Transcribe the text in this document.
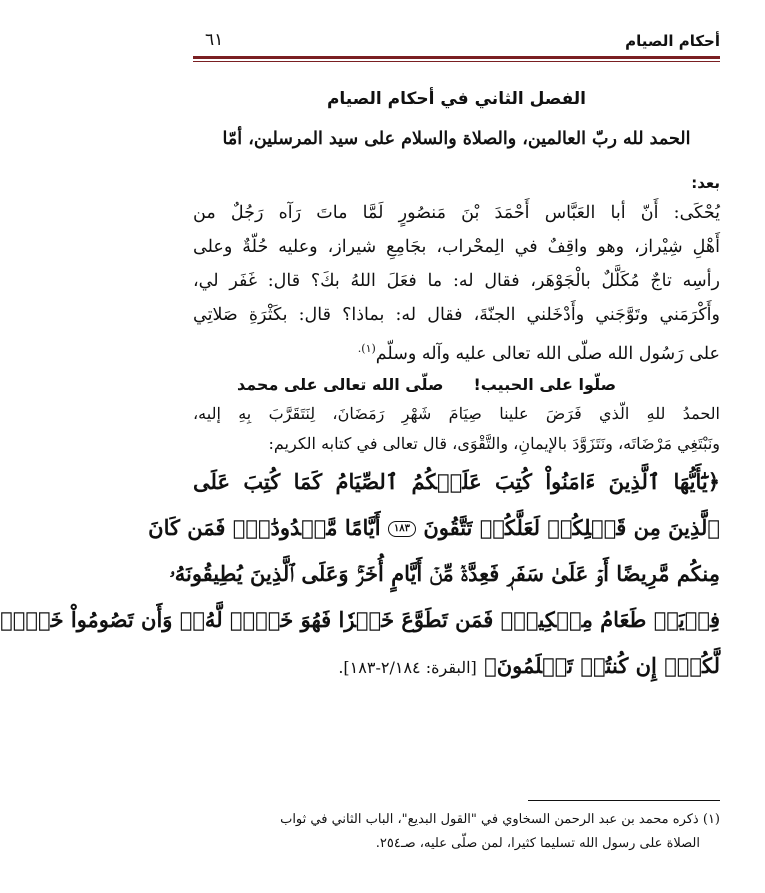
أحكام الصيام
٦١
الفصل الثاني في أحكام الصيام
الحمد لله ربّ العالمين، والصلاة والسلام على سيد المرسلين، أمّا
بعد:
يُحْكَى: أَنّ أبا العَبَّاس أَحْمَدَ بْنَ مَنصُورٍ لَمَّا ماتَ رَآه رَجُلٌ من
أَهْلِ شِيْراز، وهو واقِفٌ في الِمحْراب، بجَامِعِ شيراز، وعليه حُلّةٌ وعلى
رأسِه تاجٌ مُكَلَّلٌ بالْجَوْهَر، فقال له: ما فعَلَ اللهُ بكَ؟ قال: غَفَر لي،
وأَكْرَمَني وتَوَّجَني وأَدْخَلني الجنّةَ، فقال له: بماذا؟ قال: بكَثْرَةِ صَلاتِي
على رَسُول الله صلّى الله تعالى عليه وآله وسلّم$^{(١).}$
صلّوا على الحبيب!
صلّى الله تعالى على محمد
الحمدُ للهِ الّذي فَرَضَ علينا صِيَامَ شَهْرِ رَمَضَانَ، لِنَتَقَرَّبَ بِهِ إليه،
ونَبْتَغِي مَرْضَاتَه، ونَتَزَوَّدَ بالإيمانِ، والتَّقْوَى، قال تعالى في كتابه الكريم:
﴿يَٰٓأَيُّهَا ٱلَّذِينَ ءَامَنُواْ كُتِبَ عَلَيۡكُمُ ٱلصِّيَامُ كَمَا كُتِبَ عَلَى
ٱلَّذِينَ مِن قَبۡلِكُمۡ لَعَلَّكُمۡ تَتَّقُونَ ١٨٣ أَيَّامًا مَّعۡدُودَٰتٖۚ فَمَن كَانَ
مِنكُم مَّرِيضًا أَوۡ عَلَىٰ سَفَرٖ فَعِدَّةٞ مِّنۡ أَيَّامٍ أُخَرَۚ وَعَلَى ٱلَّذِينَ يُطِيقُونَهُۥ
فِدۡيَةٞ طَعَامُ مِسۡكِينٖۖ فَمَن تَطَوَّعَ خَيۡرٗا فَهُوَ خَيۡرٞ لَّهُۥۚ وَأَن تَصُومُواْ خَيۡرٞ
لَّكُمۡۖ إِن كُنتُمۡ تَعۡلَمُونَ﴾ [البقرة: ٢/١٨٤-١٨٣].
(١) ذكره محمد بن عبد الرحمن السخاوي في "القول البديع"، الباب الثاني في ثواب
الصلاة على رسول الله تسليما كثيرا، لمن صلّى عليه، صـ٢٥٤.
